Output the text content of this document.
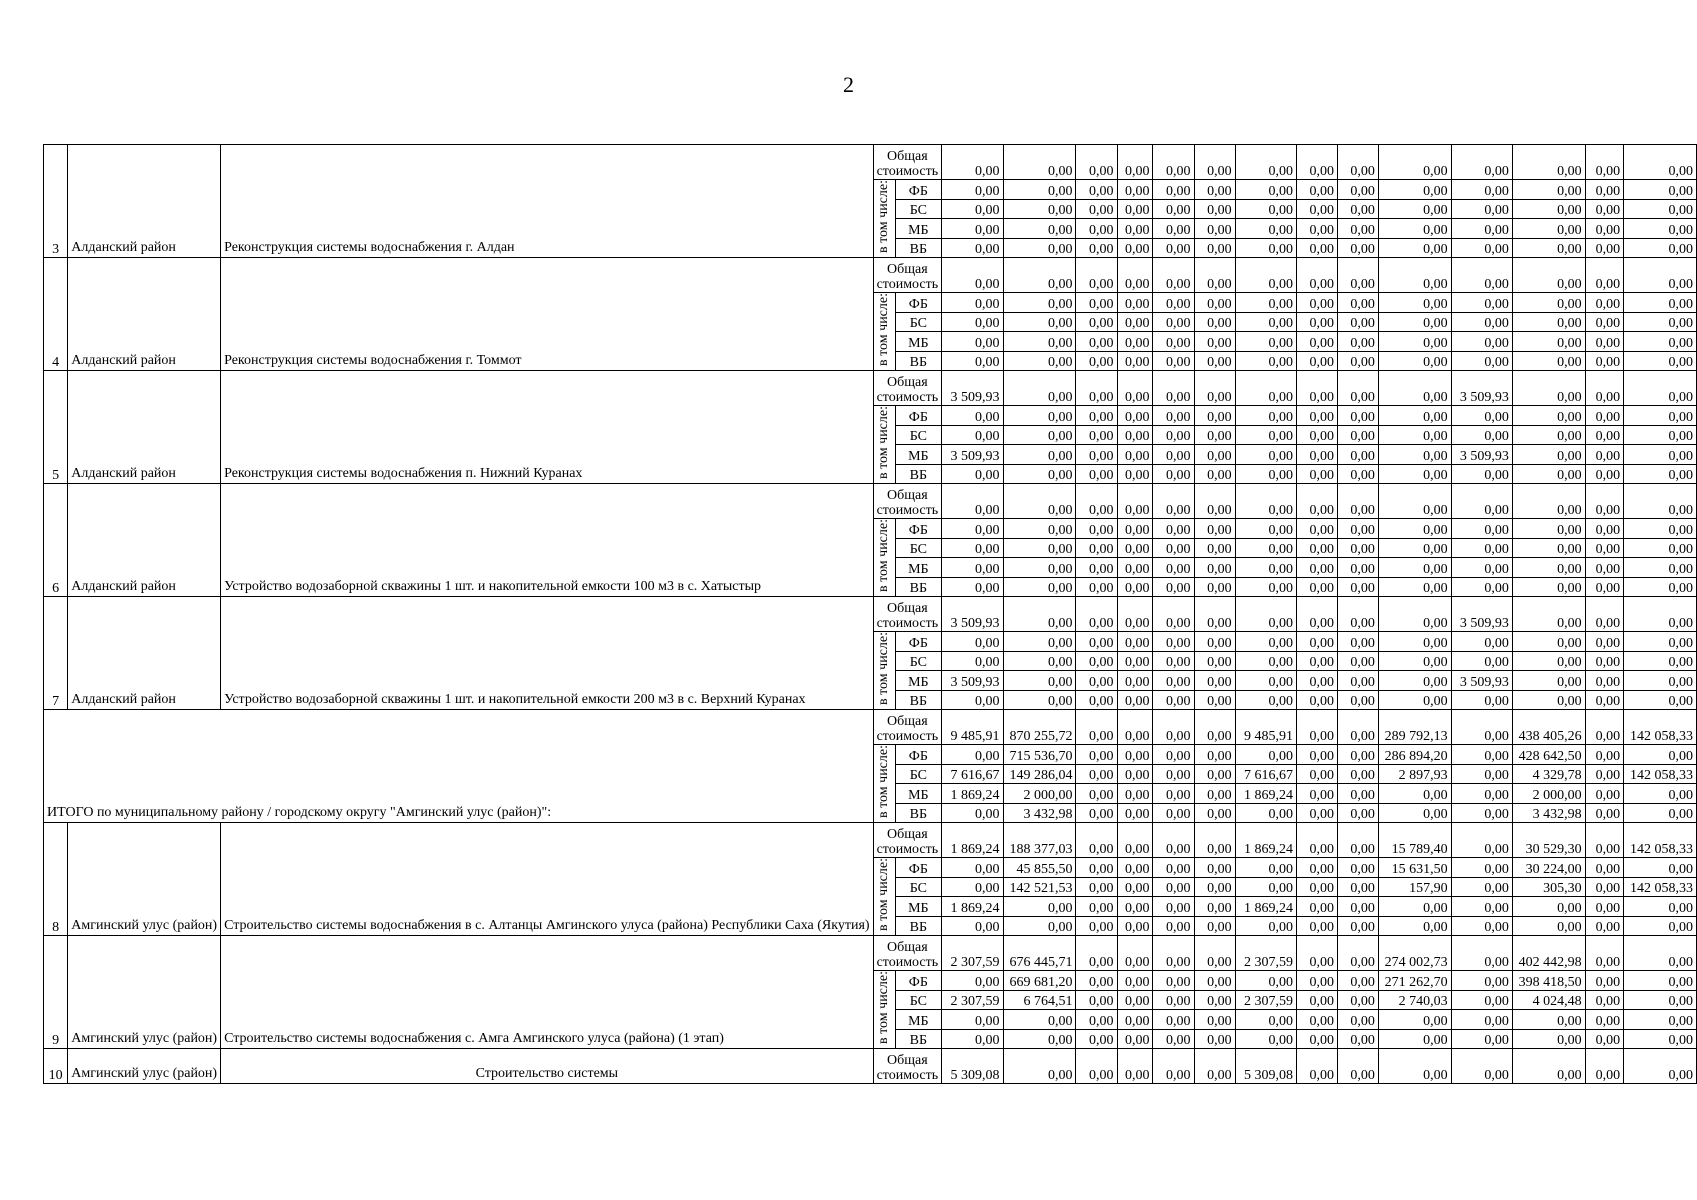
2
3	Алданский район	Реконструкция системы водоснабжения г. Алдан	Общая стоимость		0,00	0,00	0,00	0,00	0,00	0,00	0,00	0,00	0,00	0,00	0,00	0,00	0,00	0,00
			в том числе:	ФБ	0,00	0,00	0,00	0,00	0,00	0,00	0,00	0,00	0,00	0,00	0,00	0,00	0,00	0,00
				БС	0,00	0,00	0,00	0,00	0,00	0,00	0,00	0,00	0,00	0,00	0,00	0,00	0,00	0,00
				МБ	0,00	0,00	0,00	0,00	0,00	0,00	0,00	0,00	0,00	0,00	0,00	0,00	0,00	0,00
				ВБ	0,00	0,00	0,00	0,00	0,00	0,00	0,00	0,00	0,00	0,00	0,00	0,00	0,00	0,00
4	Алданский район	Реконструкция системы водоснабжения г. Томмот	Общая стоимость		0,00	0,00	0,00	0,00	0,00	0,00	0,00	0,00	0,00	0,00	0,00	0,00	0,00	0,00
			в том числе:	ФБ	0,00	0,00	0,00	0,00	0,00	0,00	0,00	0,00	0,00	0,00	0,00	0,00	0,00	0,00
				БС	0,00	0,00	0,00	0,00	0,00	0,00	0,00	0,00	0,00	0,00	0,00	0,00	0,00	0,00
				МБ	0,00	0,00	0,00	0,00	0,00	0,00	0,00	0,00	0,00	0,00	0,00	0,00	0,00	0,00
				ВБ	0,00	0,00	0,00	0,00	0,00	0,00	0,00	0,00	0,00	0,00	0,00	0,00	0,00	0,00
5	Алданский район	Реконструкция системы водоснабжения п. Нижний Куранах	Общая стоимость		3 509,93	0,00	0,00	0,00	0,00	0,00	0,00	0,00	0,00	0,00	3 509,93	0,00	0,00	0,00
			в том числе:	ФБ	0,00	0,00	0,00	0,00	0,00	0,00	0,00	0,00	0,00	0,00	0,00	0,00	0,00	0,00
				БС	0,00	0,00	0,00	0,00	0,00	0,00	0,00	0,00	0,00	0,00	0,00	0,00	0,00	0,00
				МБ	3 509,93	0,00	0,00	0,00	0,00	0,00	0,00	0,00	0,00	0,00	3 509,93	0,00	0,00	0,00
				ВБ	0,00	0,00	0,00	0,00	0,00	0,00	0,00	0,00	0,00	0,00	0,00	0,00	0,00	0,00
6	Алданский район	Устройство водозаборной скважины 1 шт. и накопительной емкости 100 м3 в с. Хатыстыр	Общая стоимость		0,00	0,00	0,00	0,00	0,00	0,00	0,00	0,00	0,00	0,00	0,00	0,00	0,00	0,00
			в том числе:	ФБ	0,00	0,00	0,00	0,00	0,00	0,00	0,00	0,00	0,00	0,00	0,00	0,00	0,00	0,00
				БС	0,00	0,00	0,00	0,00	0,00	0,00	0,00	0,00	0,00	0,00	0,00	0,00	0,00	0,00
				МБ	0,00	0,00	0,00	0,00	0,00	0,00	0,00	0,00	0,00	0,00	0,00	0,00	0,00	0,00
				ВБ	0,00	0,00	0,00	0,00	0,00	0,00	0,00	0,00	0,00	0,00	0,00	0,00	0,00	0,00
7	Алданский район	Устройство водозаборной скважины 1 шт. и накопительной емкости 200 м3 в с. Верхний Куранах	Общая стоимость		3 509,93	0,00	0,00	0,00	0,00	0,00	0,00	0,00	0,00	0,00	3 509,93	0,00	0,00	0,00
			в том числе:	ФБ	0,00	0,00	0,00	0,00	0,00	0,00	0,00	0,00	0,00	0,00	0,00	0,00	0,00	0,00
				БС	0,00	0,00	0,00	0,00	0,00	0,00	0,00	0,00	0,00	0,00	0,00	0,00	0,00	0,00
				МБ	3 509,93	0,00	0,00	0,00	0,00	0,00	0,00	0,00	0,00	0,00	3 509,93	0,00	0,00	0,00
				ВБ	0,00	0,00	0,00	0,00	0,00	0,00	0,00	0,00	0,00	0,00	0,00	0,00	0,00	0,00
ИТОГО по муниципальному району / городскому округу "Амгинский улус (район)":			Общая стоимость		9 485,91	870 255,72	0,00	0,00	0,00	0,00	9 485,91	0,00	0,00	289 792,13	0,00	438 405,26	0,00	142 058,33
			в том числе:	ФБ	0,00	715 536,70	0,00	0,00	0,00	0,00	0,00	0,00	0,00	286 894,20	0,00	428 642,50	0,00	0,00
				БС	7 616,67	149 286,04	0,00	0,00	0,00	0,00	7 616,67	0,00	0,00	2 897,93	0,00	4 329,78	0,00	142 058,33
				МБ	1 869,24	2 000,00	0,00	0,00	0,00	0,00	1 869,24	0,00	0,00	0,00	0,00	2 000,00	0,00	0,00
				ВБ	0,00	3 432,98	0,00	0,00	0,00	0,00	0,00	0,00	0,00	0,00	0,00	3 432,98	0,00	0,00
8	Амгинский улус (район)	Строительство системы водоснабжения в с. Алтанцы Амгинского улуса (района) Республики Саха (Якутия)	Общая стоимость		1 869,24	188 377,03	0,00	0,00	0,00	0,00	1 869,24	0,00	0,00	15 789,40	0,00	30 529,30	0,00	142 058,33
			в том числе:	ФБ	0,00	45 855,50	0,00	0,00	0,00	0,00	0,00	0,00	0,00	15 631,50	0,00	30 224,00	0,00	0,00
				БС	0,00	142 521,53	0,00	0,00	0,00	0,00	0,00	0,00	0,00	157,90	0,00	305,30	0,00	142 058,33
				МБ	1 869,24	0,00	0,00	0,00	0,00	0,00	1 869,24	0,00	0,00	0,00	0,00	0,00	0,00	0,00
				ВБ	0,00	0,00	0,00	0,00	0,00	0,00	0,00	0,00	0,00	0,00	0,00	0,00	0,00	0,00
9	Амгинский улус (район)	Строительство системы водоснабжения с. Амга Амгинского улуса (района) (1 этап)	Общая стоимость		2 307,59	676 445,71	0,00	0,00	0,00	0,00	2 307,59	0,00	0,00	274 002,73	0,00	402 442,98	0,00	0,00
			в том числе:	ФБ	0,00	669 681,20	0,00	0,00	0,00	0,00	0,00	0,00	0,00	271 262,70	0,00	398 418,50	0,00	0,00
				БС	2 307,59	6 764,51	0,00	0,00	0,00	0,00	2 307,59	0,00	0,00	2 740,03	0,00	4 024,48	0,00	0,00
				МБ	0,00	0,00	0,00	0,00	0,00	0,00	0,00	0,00	0,00	0,00	0,00	0,00	0,00	0,00
				ВБ	0,00	0,00	0,00	0,00	0,00	0,00	0,00	0,00	0,00	0,00	0,00	0,00	0,00	0,00
10	Амгинский улус (район)	Строительство системы	Общая стоимость		5 309,08	0,00	0,00	0,00	0,00	0,00	5 309,08	0,00	0,00	0,00	0,00	0,00	0,00	0,00
